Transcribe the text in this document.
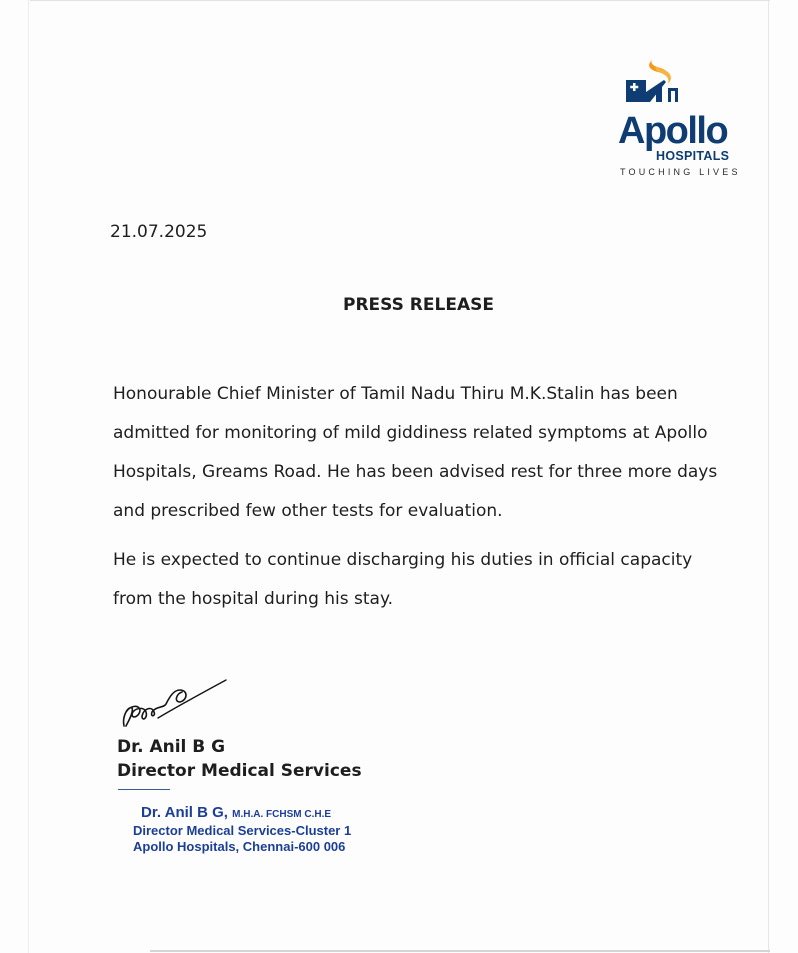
Apollo
HOSPITALS
TOUCHING LIVES
21.07.2025
PRESS RELEASE
Honourable Chief Minister of Tamil Nadu Thiru M.K.Stalin has been
admitted for monitoring of mild giddiness related symptoms at Apollo
Hospitals, Greams Road. He has been advised rest for three more days
and prescribed few other tests for evaluation.
He is expected to continue discharging his duties in official capacity
from the hospital during his stay.
Dr. Anil B G
Director Medical Services
Dr. Anil B G, M.H.A. FCHSM C.H.E
Director Medical Services-Cluster 1
Apollo Hospitals, Chennai-600 006
